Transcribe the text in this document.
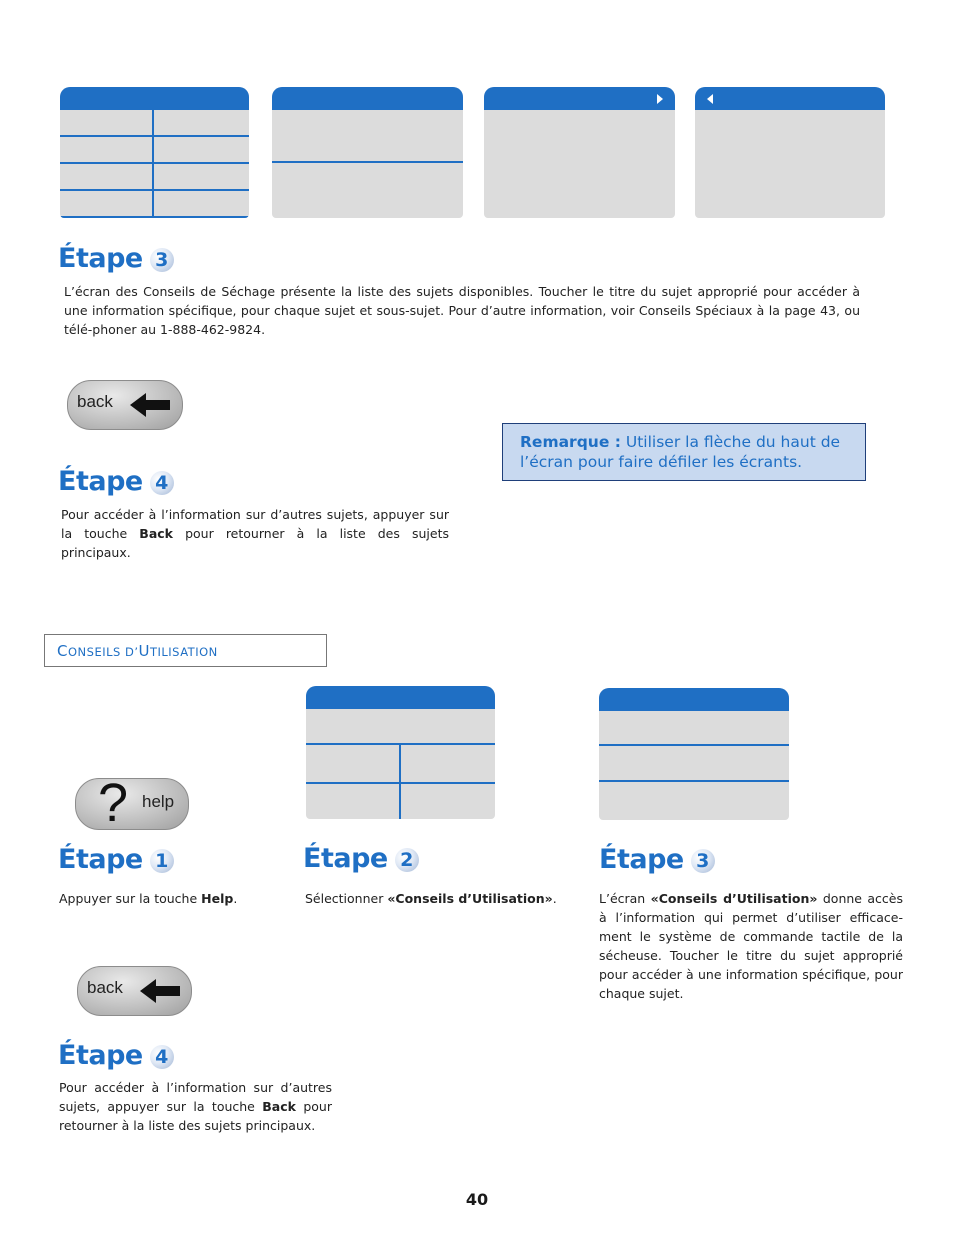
Étape 3
L’écran des Conseils de Séchage présente la liste des sujets disponibles. Toucher le titre du sujet approprié pour accéder à une information spécifique, pour chaque sujet et sous-sujet. Pour d’autre information, voir Conseils Spéciaux à la page 43, ou télé-phoner au 1-888-462-9824.
back
Remarque : Utiliser la flèche du haut de l’écran pour faire défiler les écrants.
Étape 4
Pour accéder à l’information sur d’autres sujets, appuyer sur la touche Back pour retourner à la liste des sujets principaux.
CONSEILS D’UTILISATION
? help
Étape 1
Appuyer sur la touche Help.
Étape 2
Sélectionner «Conseils d’Utilisation».
Étape 3
L’écran «Conseils d’Utilisation» donne accès à l’information qui permet d’utiliser efficace-ment le système de commande tactile de la sécheuse. Toucher le titre du sujet approprié pour accéder à une information spécifique, pour chaque sujet.
back
Étape 4
Pour accéder à l’information sur d’autres sujets, appuyer sur la touche Back pour retourner à la liste des sujets principaux.
40
